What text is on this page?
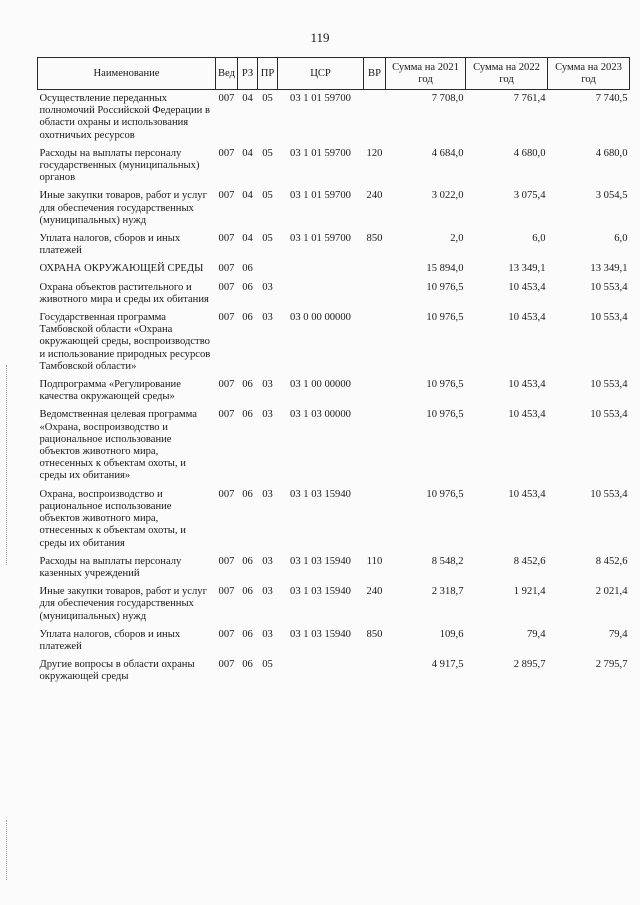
119
Наименование	Вед	РЗ	ПР	ЦСР	ВР	Сумма на 2021 год	Сумма на 2022 год	Сумма на 2023 год
Осуществление переданных полномочий Российской Федерации в области охраны и использования охотничьих ресурсов	007	04	05	03 1 01 59700		7 708,0	7 761,4	7 740,5
Расходы на выплаты персоналу государственных (муниципальных) органов	007	04	05	03 1 01 59700	120	4 684,0	4 680,0	4 680,0
Иные закупки товаров, работ и услуг для обеспечения государственных (муниципальных) нужд	007	04	05	03 1 01 59700	240	3 022,0	3 075,4	3 054,5
Уплата налогов, сборов и иных платежей	007	04	05	03 1 01 59700	850	2,0	6,0	6,0
ОХРАНА ОКРУЖАЮЩЕЙ СРЕДЫ	007	06				15 894,0	13 349,1	13 349,1
Охрана объектов растительного и животного мира и среды их обитания	007	06	03			10 976,5	10 453,4	10 553,4
Государственная программа Тамбовской области «Охрана окружающей среды, воспроизводство и использование природных ресурсов Тамбовской области»	007	06	03	03 0 00 00000		10 976,5	10 453,4	10 553,4
Подпрограмма «Регулирование качества окружающей среды»	007	06	03	03 1 00 00000		10 976,5	10 453,4	10 553,4
Ведомственная целевая программа «Охрана, воспроизводство и рациональное использование объектов животного мира, отнесенных к объектам охоты, и среды их обитания»	007	06	03	03 1 03 00000		10 976,5	10 453,4	10 553,4
Охрана, воспроизводство и рациональное использование объектов животного мира, отнесенных к объектам охоты, и среды их обитания	007	06	03	03 1 03 15940		10 976,5	10 453,4	10 553,4
Расходы на выплаты персоналу казенных учреждений	007	06	03	03 1 03 15940	110	8 548,2	8 452,6	8 452,6
Иные закупки товаров, работ и услуг для обеспечения государственных (муниципальных) нужд	007	06	03	03 1 03 15940	240	2 318,7	1 921,4	2 021,4
Уплата налогов, сборов и иных платежей	007	06	03	03 1 03 15940	850	109,6	79,4	79,4
Другие вопросы в области охраны окружающей среды	007	06	05			4 917,5	2 895,7	2 795,7
